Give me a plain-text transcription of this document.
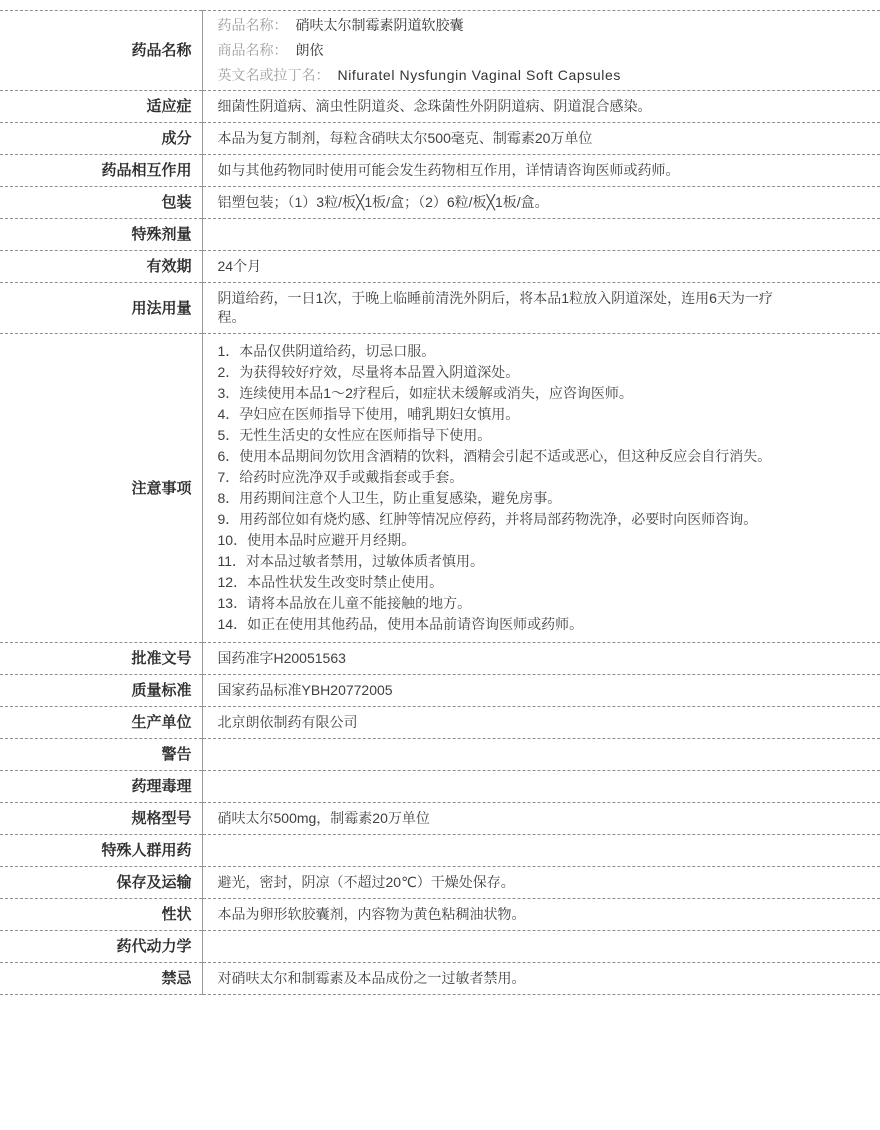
药品名称	药品名称： 硝呋太尔制霉素阴道软胶囊
商品名称： 朗依
英文名或拉丁名： Nifuratel Nysfungin Vaginal Soft Capsules

适应症	细菌性阴道病、滴虫性阴道炎、念珠菌性外阴阴道病、阴道混合感染。
成分	本品为复方制剂，每粒含硝呋太尔500毫克、制霉素20万单位
药品相互作用	如与其他药物同时使用可能会发生药物相互作用，详情请咨询医师或药师。
包装	铝塑包装；（1）3粒/板╳1板/盒；（2）6粒/板╳1板/盒。
特殊剂量	
有效期	24个月
用法用量	阴道给药，一日1次，于晚上临睡前清洗外阴后，将本品1粒放入阴道深处，连用6天为一疗程。
注意事项	
1．本品仅供阴道给药，切忌口服。
2．为获得较好疗效，尽量将本品置入阴道深处。
3．连续使用本品1～2疗程后，如症状未缓解或消失，应咨询医师。
4．孕妇应在医师指导下使用，哺乳期妇女慎用。
5．无性生活史的女性应在医师指导下使用。
6．使用本品期间勿饮用含酒精的饮料，酒精会引起不适或恶心，但这种反应会自行消失。
7．给药时应洗净双手或戴指套或手套。
8．用药期间注意个人卫生，防止重复感染，避免房事。
9．用药部位如有烧灼感、红肿等情况应停药，并将局部药物洗净，必要时向医师咨询。
10．使用本品时应避开月经期。
11．对本品过敏者禁用，过敏体质者慎用。
12．本品性状发生改变时禁止使用。
13．请将本品放在儿童不能接触的地方。
14．如正在使用其他药品，使用本品前请咨询医师或药师。

批准文号	国药准字H20051563
质量标准	国家药品标准YBH20772005
生产单位	北京朗依制药有限公司
警告	
药理毒理	
规格型号	硝呋太尔500mg，制霉素20万单位
特殊人群用药	
保存及运输	避光，密封，阴凉（不超过20℃）干燥处保存。
性状	本品为卵形软胶囊剂，内容物为黄色粘稠油状物。
药代动力学	
禁忌	对硝呋太尔和制霉素及本品成份之一过敏者禁用。
